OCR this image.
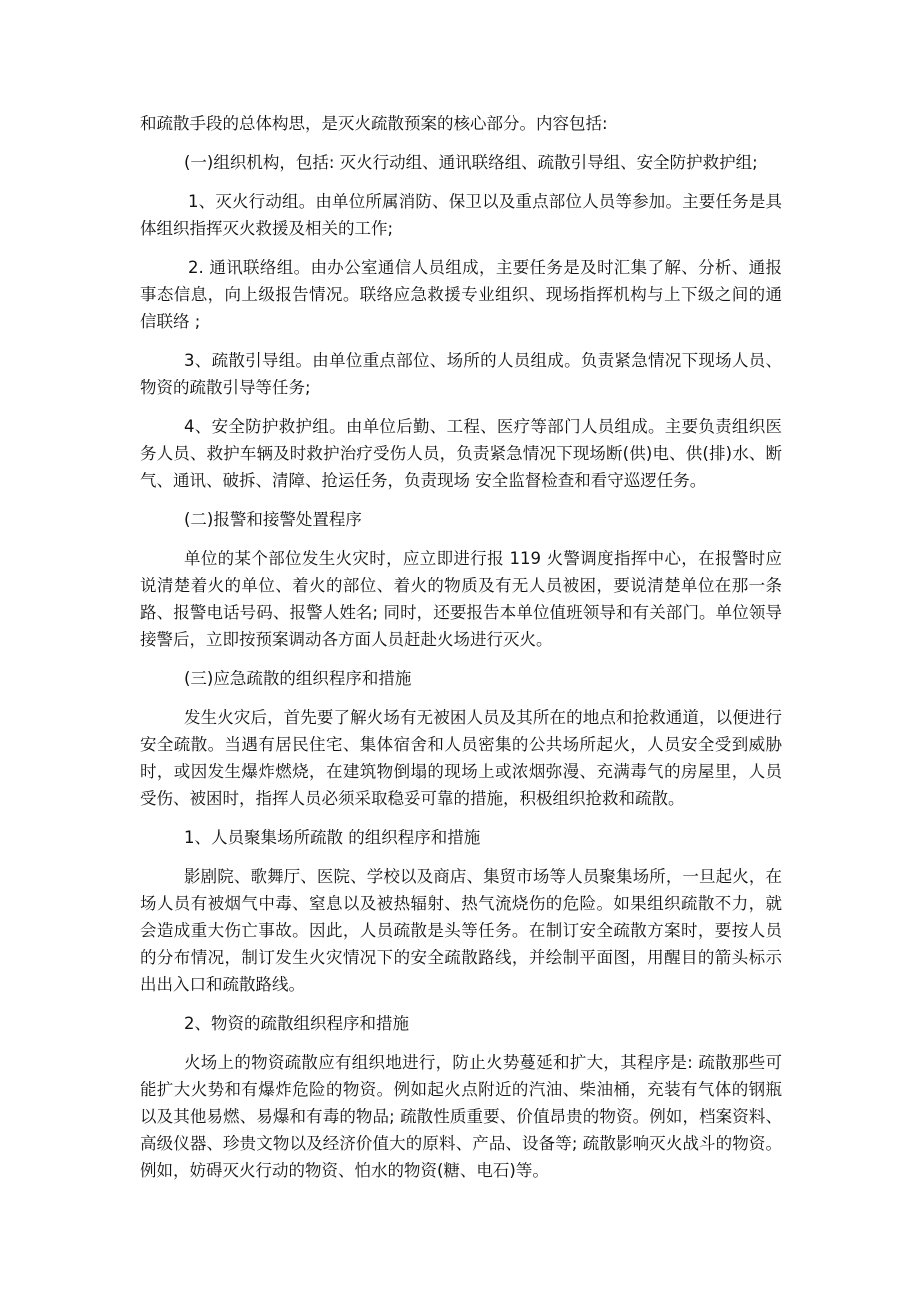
和疏散手段的总体构思，是灭火疏散预案的核心部分。内容包括:

(一)组织机构，包括: 灭火行动组、通讯联络组、疏散引导组、安全防护救护组;

1、灭火行动组。由单位所属消防、保卫以及重点部位人员等参加。主要任务是具体组织指挥灭火救援及相关的工作;

2. 通讯联络组。由办公室通信人员组成，主要任务是及时汇集了解、分析、通报事态信息，向上级报告情况。联络应急救援专业组织、现场指挥机构与上下级之间的通信联络 ;

3、疏散引导组。由单位重点部位、场所的人员组成。负责紧急情况下现场人员、物资的疏散引导等任务;

4、安全防护救护组。由单位后勤、工程、医疗等部门人员组成。主要负责组织医务人员、救护车辆及时救护治疗受伤人员，负责紧急情况下现场断(供)电、供(排)水、断气、通讯、破拆、清障、抢运任务，负责现场 安全监督检查和看守巡逻任务。

(二)报警和接警处置程序

单位的某个部位发生火灾时，应立即进行报 119 火警调度指挥中心，在报警时应说清楚着火的单位、着火的部位、着火的物质及有无人员被困，要说清楚单位在那一条路、报警电话号码、报警人姓名; 同时，还要报告本单位值班领导和有关部门。单位领导接警后，立即按预案调动各方面人员赶赴火场进行灭火。

(三)应急疏散的组织程序和措施

发生火灾后，首先要了解火场有无被困人员及其所在的地点和抢救通道，以便进行安全疏散。当遇有居民住宅、集体宿舍和人员密集的公共场所起火，人员安全受到威胁时，或因发生爆炸燃烧，在建筑物倒塌的现场上或浓烟弥漫、充满毒气的房屋里，人员受伤、被困时，指挥人员必须采取稳妥可靠的措施，积极组织抢救和疏散。

1、人员聚集场所疏散 的组织程序和措施

影剧院、歌舞厅、医院、学校以及商店、集贸市场等人员聚集场所，一旦起火，在场人员有被烟气中毒、窒息以及被热辐射、热气流烧伤的危险。如果组织疏散不力，就会造成重大伤亡事故。因此，人员疏散是头等任务。在制订安全疏散方案时，要按人员的分布情况，制订发生火灾情况下的安全疏散路线，并绘制平面图，用醒目的箭头标示出出入口和疏散路线。

2、物资的疏散组织程序和措施

火场上的物资疏散应有组织地进行，防止火势蔓延和扩大，其程序是: 疏散那些可能扩大火势和有爆炸危险的物资。例如起火点附近的汽油、柴油桶，充装有气体的钢瓶以及其他易燃、易爆和有毒的物品; 疏散性质重要、价值昂贵的物资。例如，档案资料、高级仪器、珍贵文物以及经济价值大的原料、产品、设备等; 疏散影响灭火战斗的物资。例如，妨碍灭火行动的物资、怕水的物资(糖、电石)等。
